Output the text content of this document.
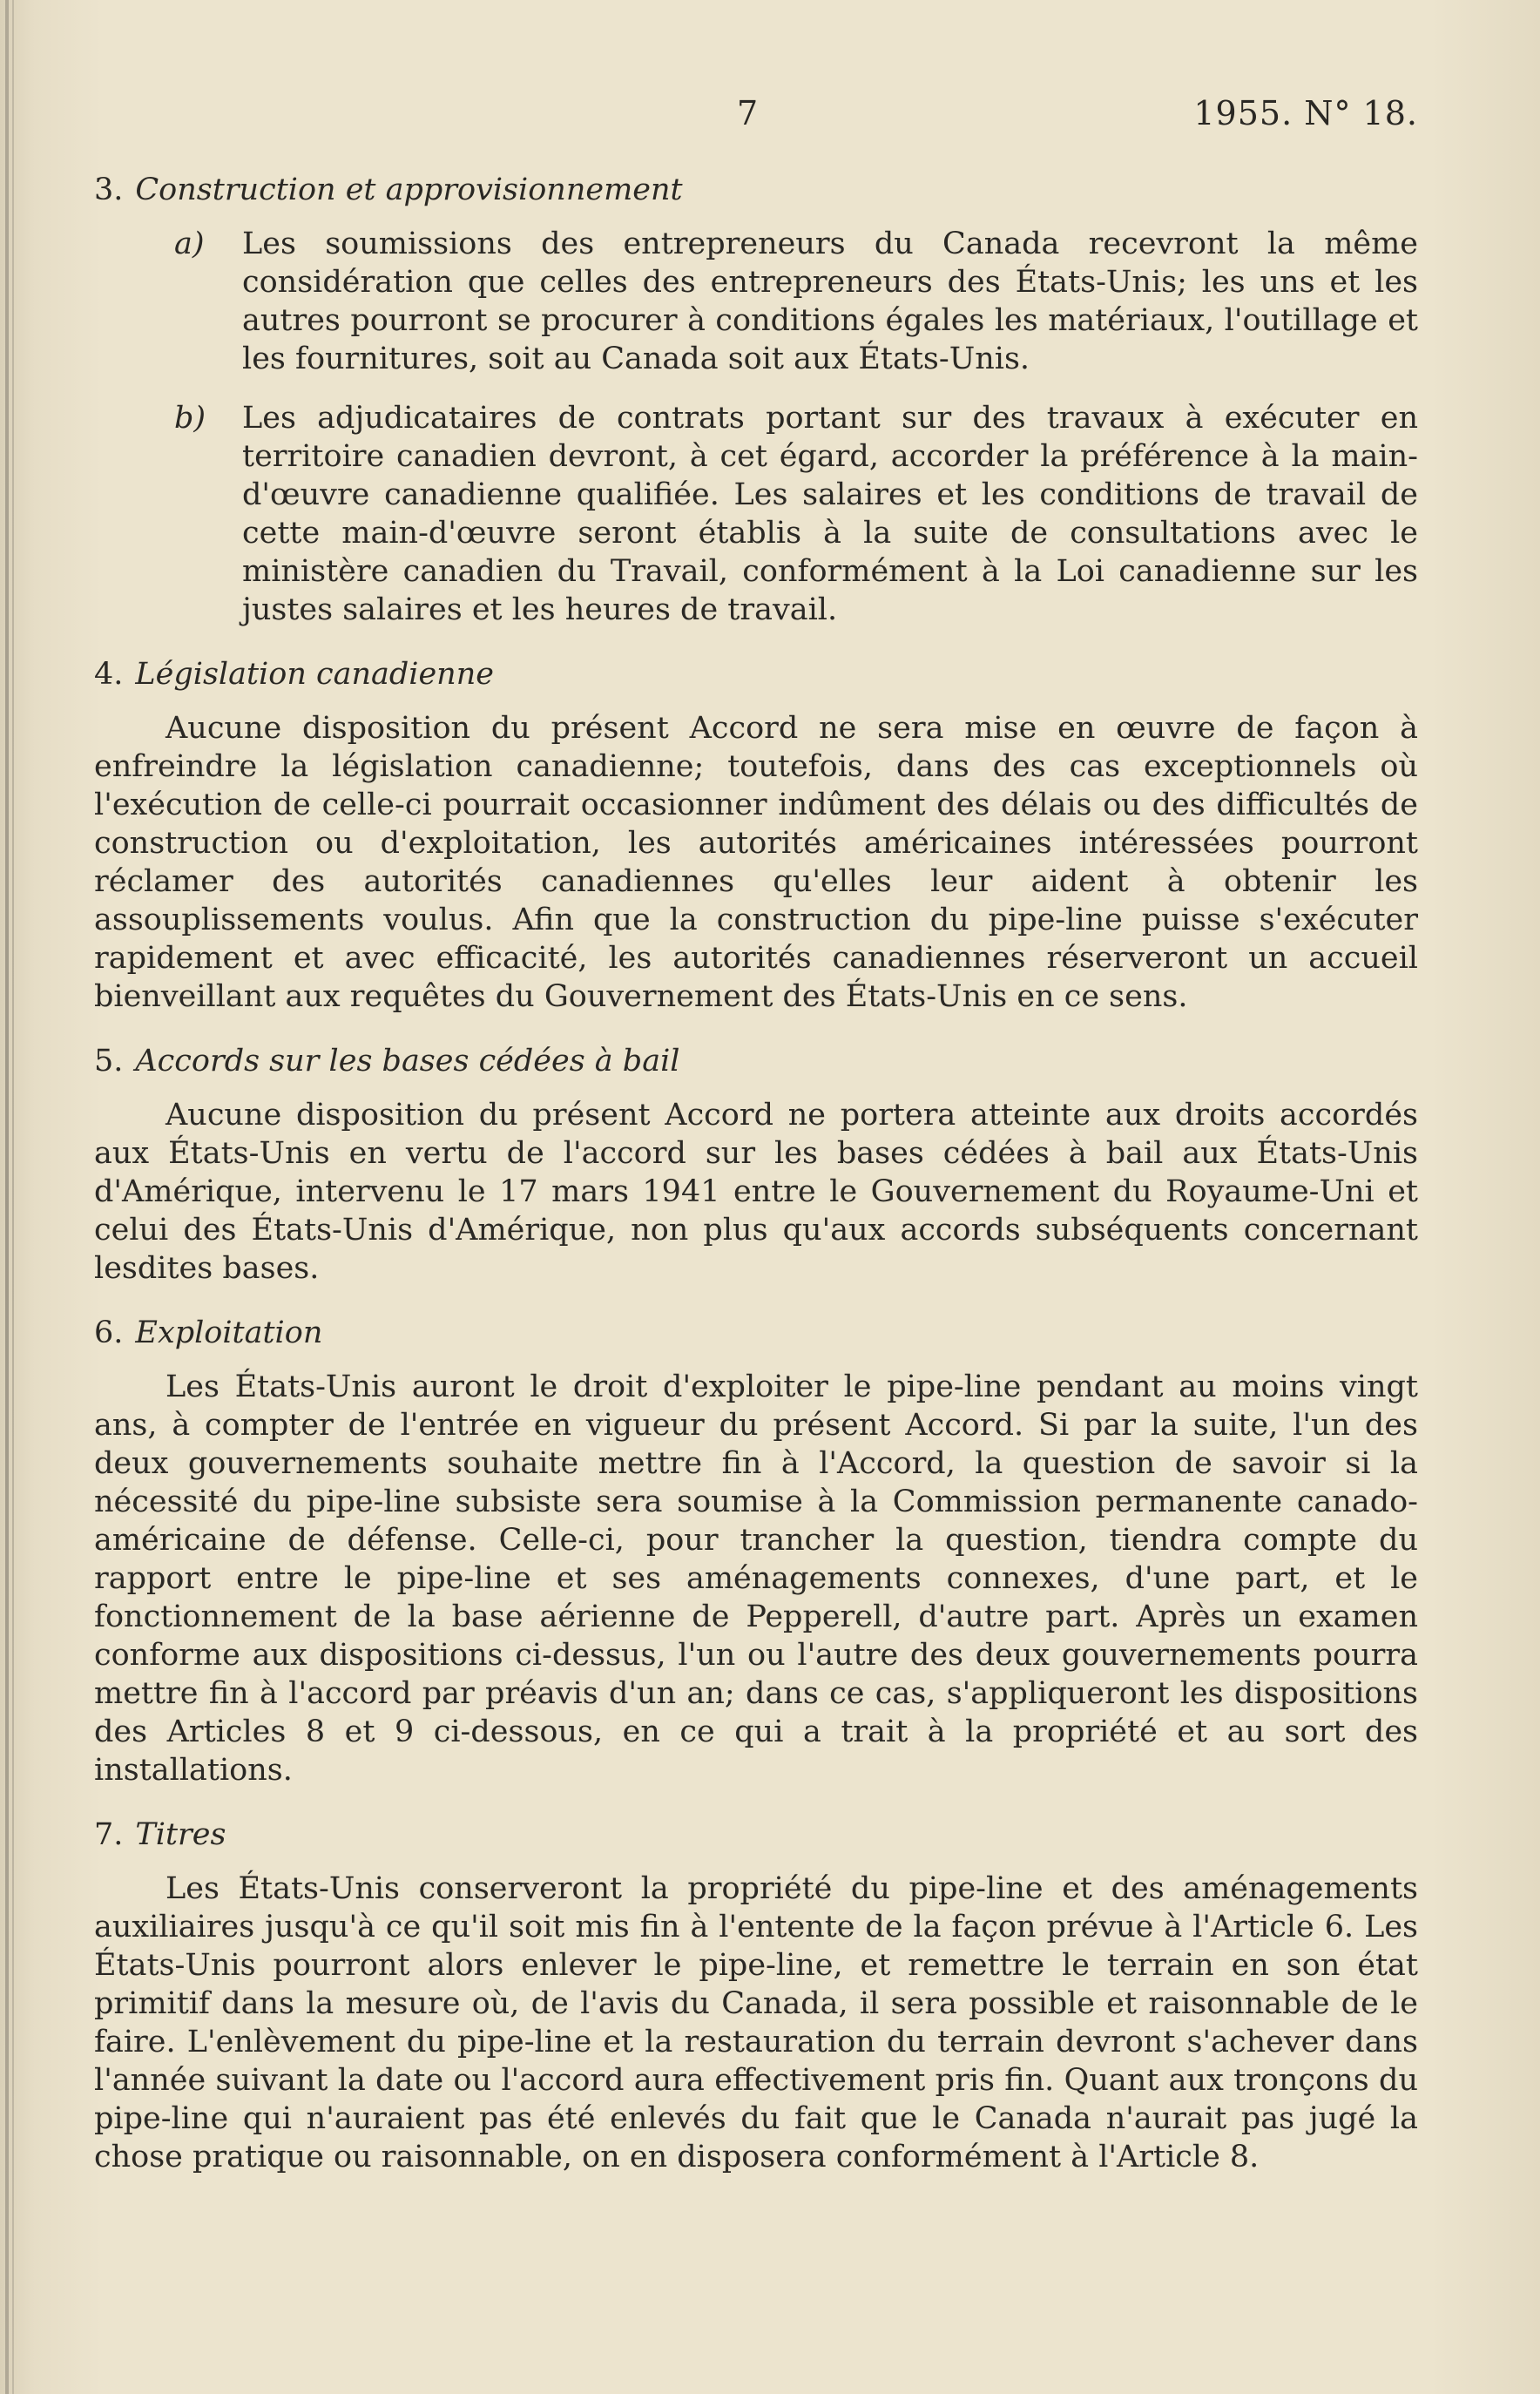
7	1955. N° 18.
3. Construction et approvisionnement
a) Les soumissions des entrepreneurs du Canada recevront la même considération que celles des entrepreneurs des États-Unis; les uns et les autres pourront se procurer à conditions égales les matériaux, l'outillage et les fournitures, soit au Canada soit aux États-Unis.
b) Les adjudicataires de contrats portant sur des travaux à exécuter en territoire canadien devront, à cet égard, accorder la préférence à la main-d'œuvre canadienne qualifiée. Les salaires et les conditions de travail de cette main-d'œuvre seront établis à la suite de consultations avec le ministère canadien du Travail, conformément à la Loi canadienne sur les justes salaires et les heures de travail.
4. Législation canadienne

Aucune disposition du présent Accord ne sera mise en œuvre de façon à enfreindre la législation canadienne; toutefois, dans des cas exceptionnels où l'exécution de celle-ci pourrait occasionner indûment des délais ou des difficultés de construction ou d'exploitation, les autorités américaines intéressées pourront réclamer des autorités canadiennes qu'elles leur aident à obtenir les assouplissements voulus. Afin que la construction du pipe-line puisse s'exécuter rapidement et avec efficacité, les autorités canadiennes réserveront un accueil bienveillant aux requêtes du Gouvernement des États-Unis en ce sens.

5. Accords sur les bases cédées à bail

Aucune disposition du présent Accord ne portera atteinte aux droits accordés aux États-Unis en vertu de l'accord sur les bases cédées à bail aux États-Unis d'Amérique, intervenu le 17 mars 1941 entre le Gouvernement du Royaume-Uni et celui des États-Unis d'Amérique, non plus qu'aux accords subséquents concernant lesdites bases.

6. Exploitation

Les États-Unis auront le droit d'exploiter le pipe-line pendant au moins vingt ans, à compter de l'entrée en vigueur du présent Accord. Si par la suite, l'un des deux gouvernements souhaite mettre fin à l'Accord, la question de savoir si la nécessité du pipe-line subsiste sera soumise à la Commission permanente canado-américaine de défense. Celle-ci, pour trancher la question, tiendra compte du rapport entre le pipe-line et ses aménagements connexes, d'une part, et le fonctionnement de la base aérienne de Pepperell, d'autre part. Après un examen conforme aux dispositions ci-dessus, l'un ou l'autre des deux gouvernements pourra mettre fin à l'accord par préavis d'un an; dans ce cas, s'appliqueront les dispositions des Articles 8 et 9 ci-dessous, en ce qui a trait à la propriété et au sort des installations.

7. Titres

Les États-Unis conserveront la propriété du pipe-line et des aménagements auxiliaires jusqu'à ce qu'il soit mis fin à l'entente de la façon prévue à l'Article 6. Les États-Unis pourront alors enlever le pipe-line, et remettre le terrain en son état primitif dans la mesure où, de l'avis du Canada, il sera possible et raisonnable de le faire. L'enlèvement du pipe-line et la restauration du terrain devront s'achever dans l'année suivant la date ou l'accord aura effectivement pris fin. Quant aux tronçons du pipe-line qui n'auraient pas été enlevés du fait que le Canada n'aurait pas jugé la chose pratique ou raisonnable, on en disposera conformément à l'Article 8.
